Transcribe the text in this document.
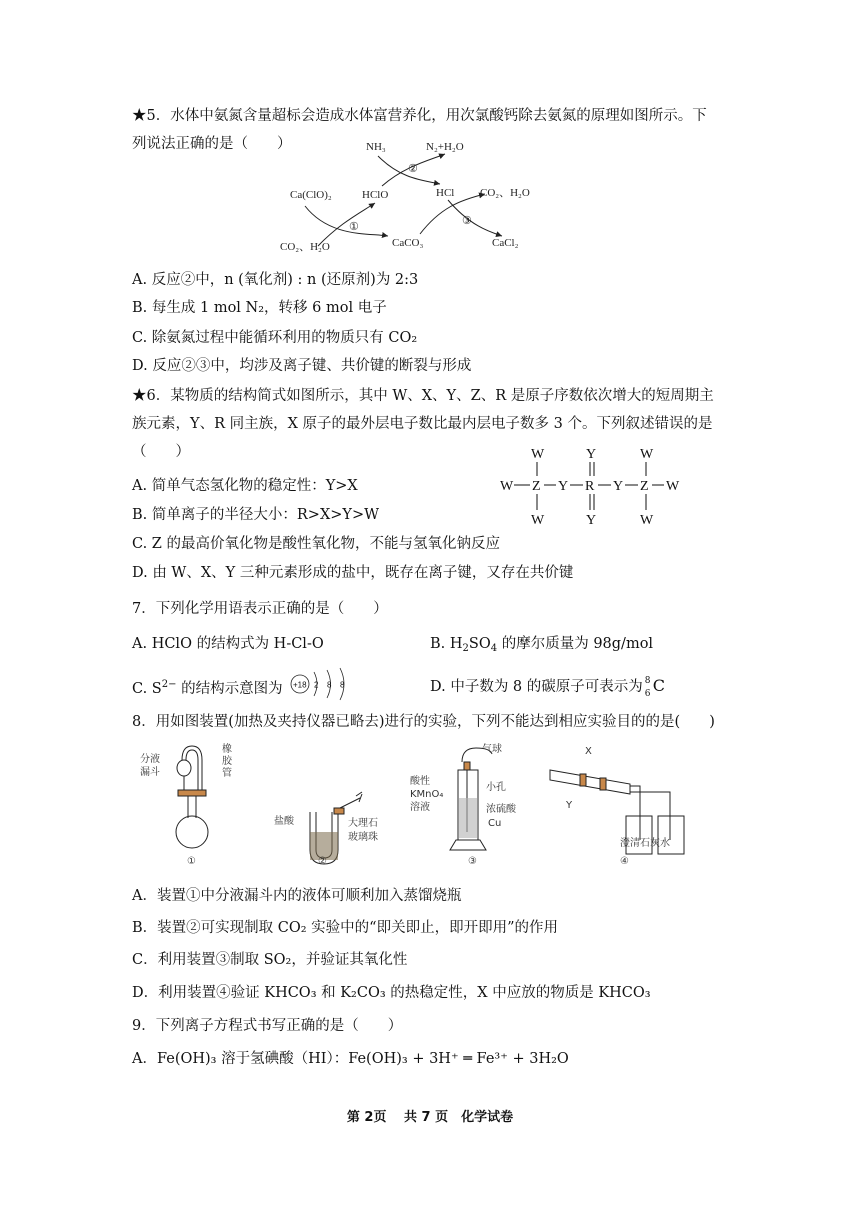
★5．水体中氨氮含量超标会造成水体富营养化，用次氯酸钙除去氨氮的原理如图所示。下
列说法正确的是（　　）	NH₃	N₂+H₂O
Ca(ClO)₂	HClO	HCl CO₂、H₂O
CO₂、H₂O	CaCO₃	CaCl₂
①
②
③
A. 反应②中，n (氧化剂) : n (还原剂)为 2:3
B. 每生成 1 mol N₂，转移 6 mol 电子
C. 除氨氮过程中能循环利用的物质只有 CO₂
D. 反应②③中，均涉及离子键、共价键的断裂与形成
★6．某物质的结构简式如图所示，其中 W、X、Y、Z、R 是原子序数依次增大的短周期主
族元素，Y、R 同主族，X 原子的最外层电子数比最内层电子数多 3 个。下列叙述错误的是
（　　）
A. 简单气态氢化物的稳定性：Y>X
B. 简单离子的半径大小：R>X>Y>W
C. Z 的最高价氧化物是酸性氧化物，不能与氢氧化钠反应
D. 由 W、X、Y 三种元素形成的盐中，既存在离子键，又存在共价键
W	Y	W
W Z Y R Y Z W
W	Y	W
7．下列化学用语表示正确的是（　　）
A. HClO 的结构式为 H-Cl-O	B. $H_2SO_4$ 的摩尔质量为 98g/mol
C. $S^{2-}$ 的结构示意图为 +18 2 8 8	D. 中子数为 8 的碳原子可表示为 8
6 C
8．用如图装置(加热及夹持仪器已略去)进行的实验，下列不能达到相应实验目的的是(　　)
分液
漏斗
橡
胶
管
①
盐酸	大理石
玻璃珠
②
气球
酸性
KMnO₄
溶液
小孔
浓硫酸
Cu
③
X
Y
澄清石灰水
④
A．装置①中分液漏斗内的液体可顺利加入蒸馏烧瓶
B．装置②可实现制取 CO₂ 实验中的“即关即止，即开即用”的作用
C．利用装置③制取 SO₂，并验证其氧化性
D．利用装置④验证 KHCO₃ 和 K₂CO₃ 的热稳定性，X 中应放的物质是 KHCO₃
9．下列离子方程式书写正确的是（　　）
A．Fe(OH)₃ 溶于氢碘酸（HI）：Fe(OH)₃ + 3H⁺ ═ Fe³⁺ + 3H₂O
第 2页　 共 7 页　化学试卷
